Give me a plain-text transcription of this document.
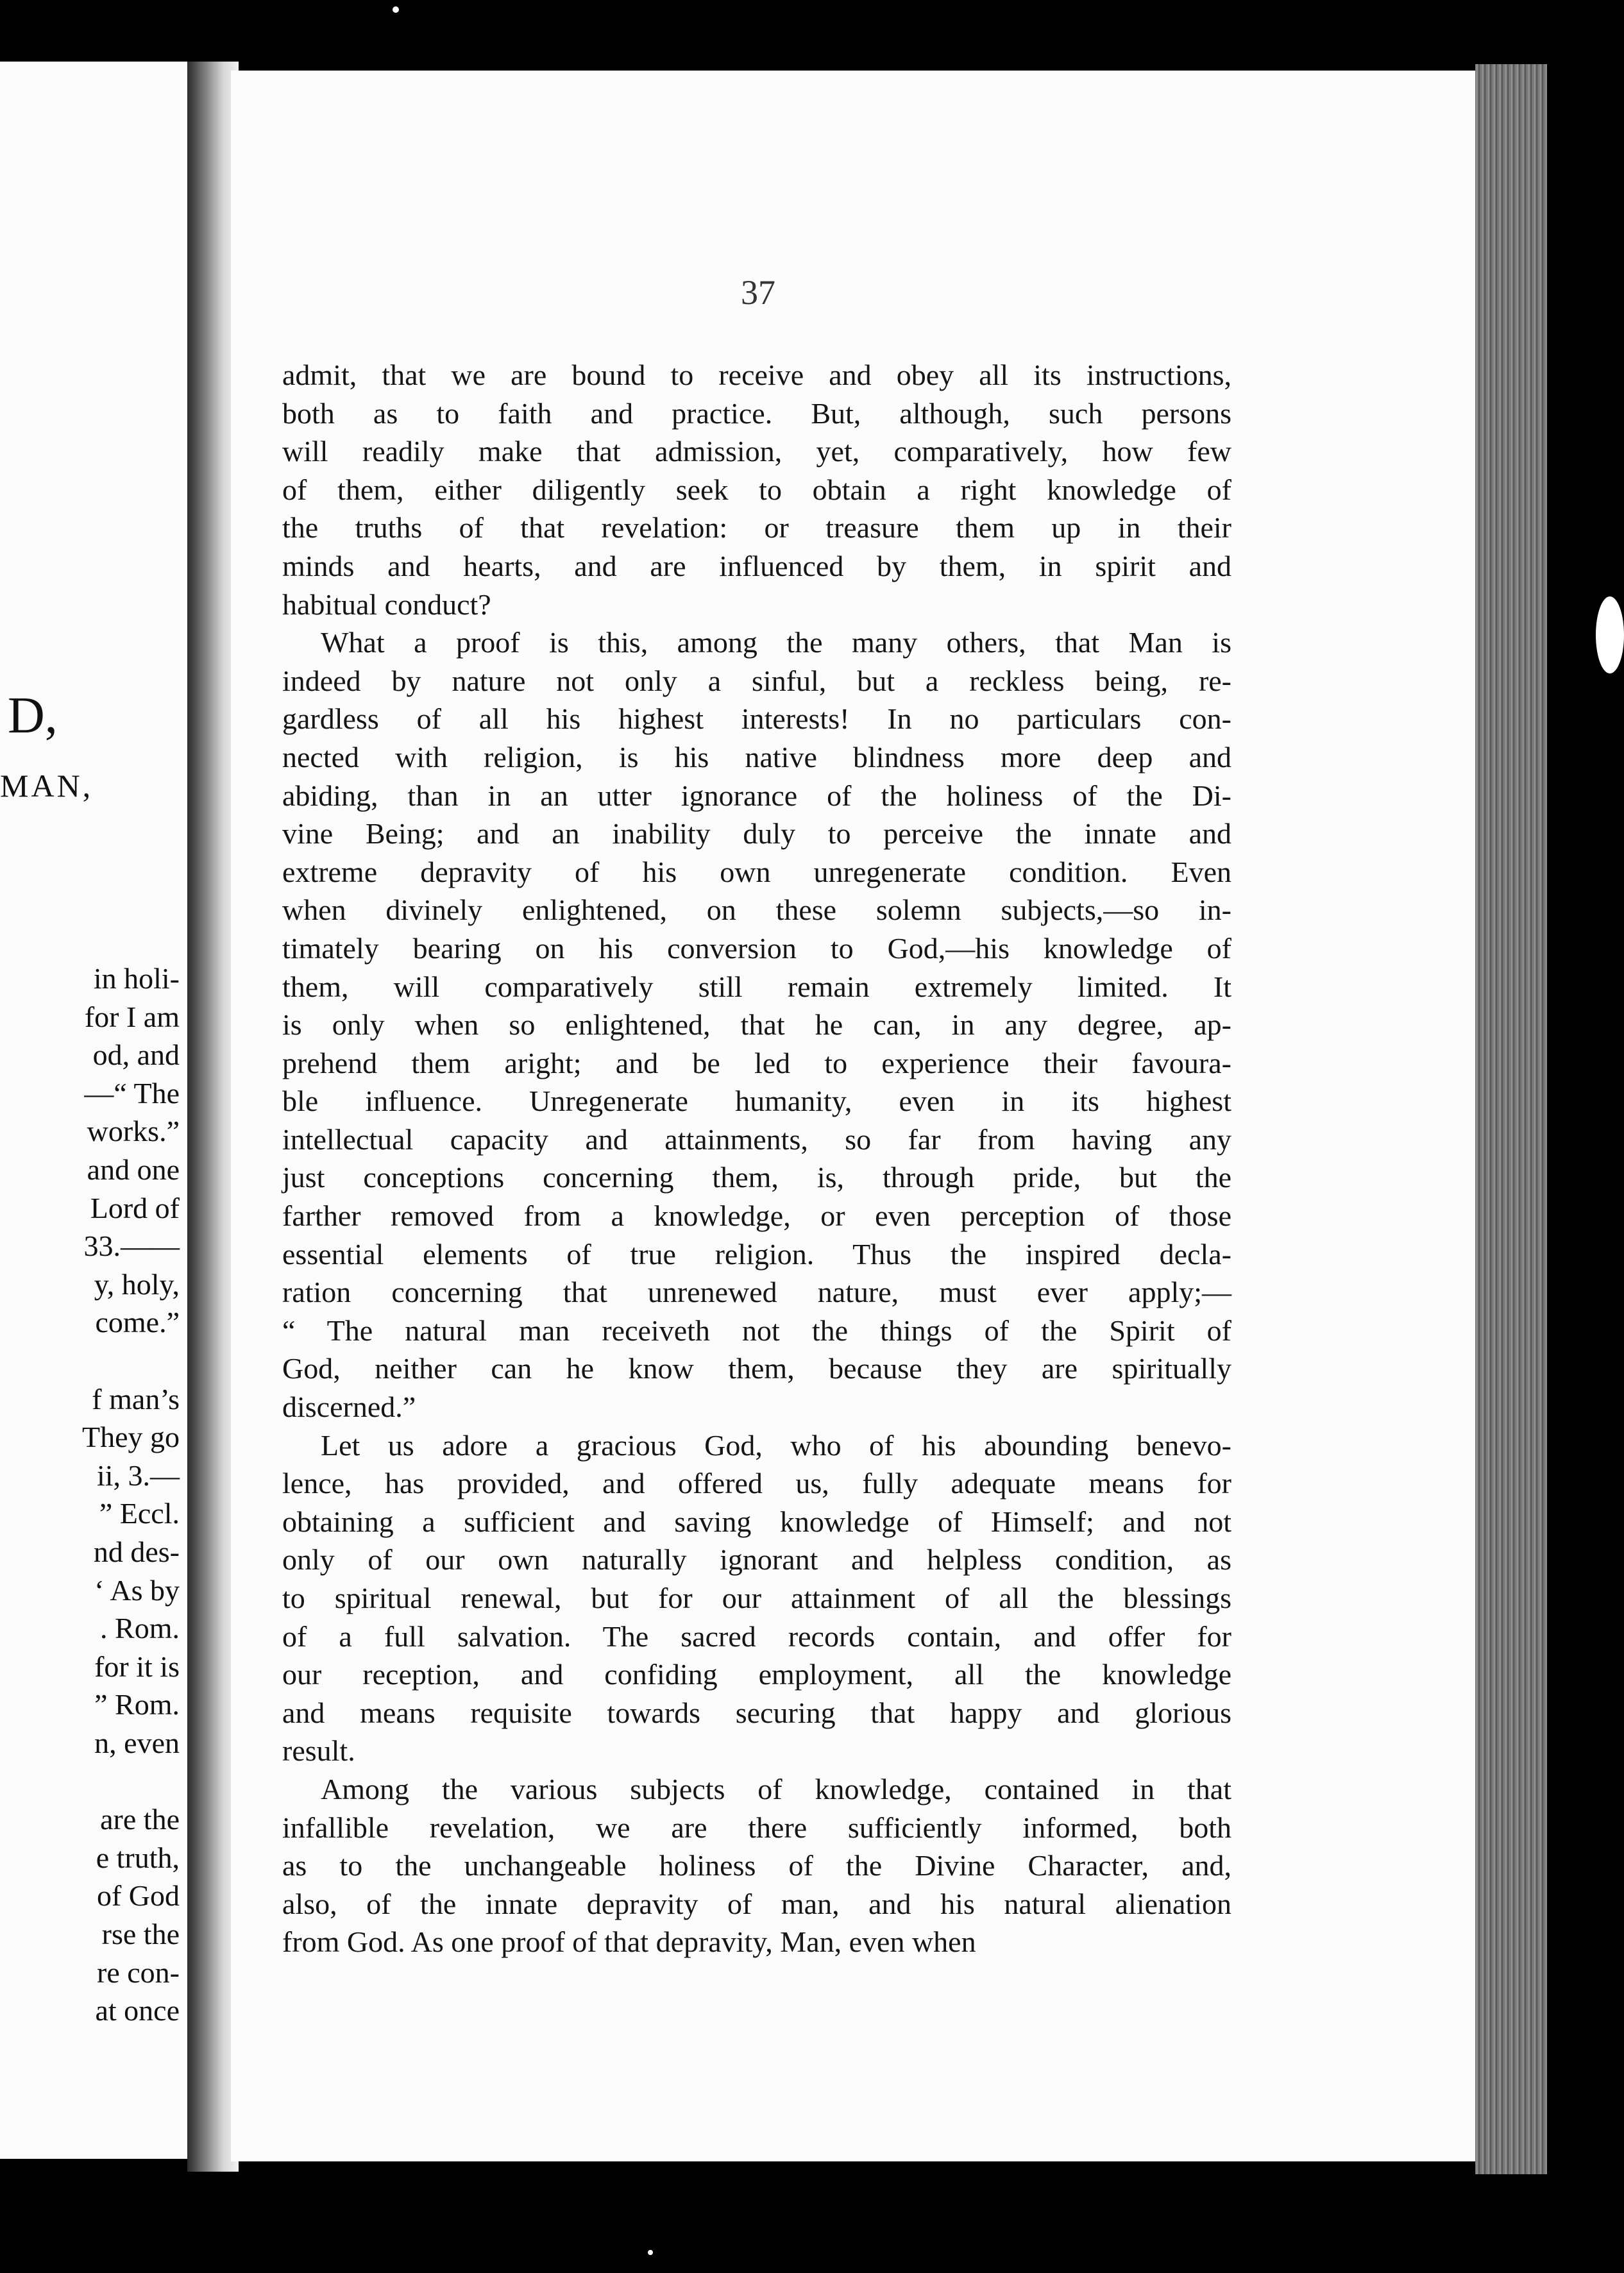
D,
MAN,
in holi-
for I am
od, and
—“ The
works.”
and one
Lord of
33.——
y, holy,
come.”
f man’s
They go
ii, 3.—
” Eccl.
nd des-
‘ As by
. Rom.
for it is
” Rom.
n, even
are the
e truth,
of God
rse the
re con-
at once
37
admit, that we are bound to receive and obey all its instructions,
both as to faith and practice. But, although, such persons
will readily make that admission, yet, comparatively, how few
of them, either diligently seek to obtain a right knowledge of
the truths of that revelation: or treasure them up in their
minds and hearts, and are influenced by them, in spirit and
habitual conduct?
What a proof is this, among the many others, that Man is
indeed by nature not only a sinful, but a reckless being, re-
gardless of all his highest interests! In no particulars con-
nected with religion, is his native blindness more deep and
abiding, than in an utter ignorance of the holiness of the Di-
vine Being; and an inability duly to perceive the innate and
extreme depravity of his own unregenerate condition. Even
when divinely enlightened, on these solemn subjects,—so in-
timately bearing on his conversion to God,—his knowledge of
them, will comparatively still remain extremely limited. It
is only when so enlightened, that he can, in any degree, ap-
prehend them aright; and be led to experience their favoura-
ble influence. Unregenerate humanity, even in its highest
intellectual capacity and attainments, so far from having any
just conceptions concerning them, is, through pride, but the
farther removed from a knowledge, or even perception of those
essential elements of true religion. Thus the inspired decla-
ration concerning that unrenewed nature, must ever apply;—
“ The natural man receiveth not the things of the Spirit of
God, neither can he know them, because they are spiritually
discerned.”
Let us adore a gracious God, who of his abounding benevo-
lence, has provided, and offered us, fully adequate means for
obtaining a sufficient and saving knowledge of Himself; and not
only of our own naturally ignorant and helpless condition, as
to spiritual renewal, but for our attainment of all the blessings
of a full salvation. The sacred records contain, and offer for
our reception, and confiding employment, all the knowledge
and means requisite towards securing that happy and glorious
result.
Among the various subjects of knowledge, contained in that
infallible revelation, we are there sufficiently informed, both
as to the unchangeable holiness of the Divine Character, and,
also, of the innate depravity of man, and his natural alienation
from God. As one proof of that depravity, Man, even when
